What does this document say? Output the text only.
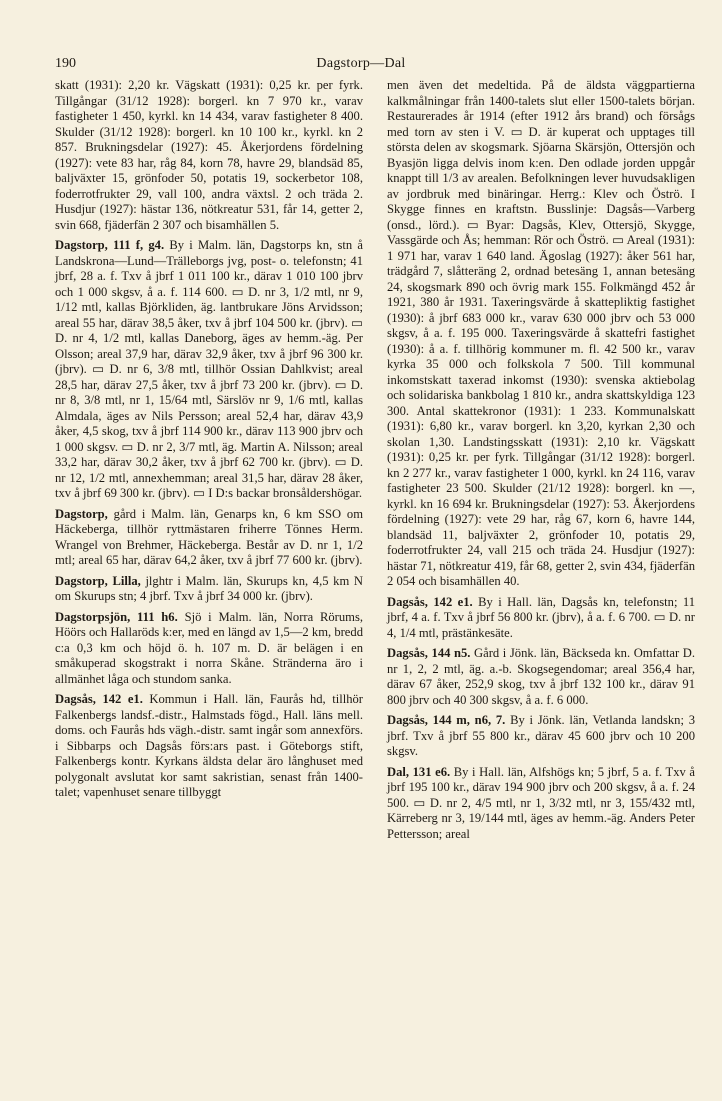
190	Dagstorp—Dal

skatt (1931): 2,20 kr. Vägskatt (1931): 0,25 kr. per fyrk. Tillgångar (31/12 1928): borgerl. kn 7 970 kr., varav fastigheter 1 450, kyrkl. kn 14 434, varav fastigheter 8 400. Skulder (31/12 1928): borgerl. kn 10 100 kr., kyrkl. kn 2 857. Brukningsdelar (1927): 45. Åkerjordens fördelning (1927): vete 83 har, råg 84, korn 78, havre 29, blandsäd 85, baljväxter 15, grönfoder 50, potatis 19, sockerbetor 108, foderrotfrukter 29, vall 100, andra växtsl. 2 och träda 2. Husdjur (1927): hästar 136, nötkreatur 531, får 14, getter 2, svin 668, fjäderfän 2 307 och bisamhällen 5.

Dagstorp, 111 f, g4. By i Malm. län, Dagstorps kn, stn å Landskrona—Lund—Trälleborgs jvg, post- o. telefonstn; 41 jbrf, 28 a. f. Txv å jbrf 1 011 100 kr., därav 1 010 100 jbrv och 1 000 skgsv, å a. f. 114 600. ▭ D. nr 3, 1/2 mtl, nr 9, 1/12 mtl, kallas Björkliden, äg. lantbrukare Jöns Arvidsson; areal 55 har, därav 38,5 åker, txv å jbrf 104 500 kr. (jbrv). ▭ D. nr 4, 1/2 mtl, kallas Daneborg, äges av hemm.-äg. Per Olsson; areal 37,9 har, därav 32,9 åker, txv å jbrf 96 300 kr. (jbrv). ▭ D. nr 6, 3/8 mtl, tillhör Ossian Dahlkvist; areal 28,5 har, därav 27,5 åker, txv å jbrf 73 200 kr. (jbrv). ▭ D. nr 8, 3/8 mtl, nr 1, 15/64 mtl, Särslöv nr 9, 1/6 mtl, kallas Almdala, äges av Nils Persson; areal 52,4 har, därav 43,9 åker, 4,5 skog, txv å jbrf 114 900 kr., därav 113 900 jbrv och 1 000 skgsv. ▭ D. nr 2, 3/7 mtl, äg. Martin A. Nilsson; areal 33,2 har, därav 30,2 åker, txv å jbrf 62 700 kr. (jbrv). ▭ D. nr 12, 1/2 mtl, annexhemman; areal 31,5 har, därav 28 åker, txv å jbrf 69 300 kr. (jbrv). ▭ I D:s backar bronsåldershögar.

Dagstorp, gård i Malm. län, Genarps kn, 6 km SSO om Häckeberga, tillhör ryttmästaren friherre Tönnes Herm. Wrangel von Brehmer, Häckeberga. Består av D. nr 1, 1/2 mtl; areal 65 har, därav 64,2 åker, txv å jbrf 77 600 kr. (jbrv).

Dagstorp, Lilla, jlghtr i Malm. län, Skurups kn, 4,5 km N om Skurups stn; 4 jbrf. Txv å jbrf 34 000 kr. (jbrv).

Dagstorpsjön, 111 h6. Sjö i Malm. län, Norra Rörums, Höörs och Hallaröds k:er, med en längd av 1,5—2 km, bredd c:a 0,3 km och höjd ö. h. 107 m. D. är belägen i en småkuperad skogstrakt i norra Skåne. Stränderna äro i allmänhet låga och stundom sanka.

Dagsås, 142 e1. Kommun i Hall. län, Faurås hd, tillhör Falkenbergs landsf.-distr., Halmstads fögd., Hall. läns mell. doms. och Faurås hds vägh.-distr. samt ingår som annexförs. i Sibbarps och Dagsås förs:ars past. i Göteborgs stift, Falkenbergs kontr. Kyrkans äldsta delar äro långhuset med polygonalt avslutat kor samt sakristian, senast från 1400-talet; vapenhuset senare tillbyggt

men även det medeltida. På de äldsta väggpartierna kalkmålningar från 1400-talets slut eller 1500-talets början. Restaurerades år 1914 (efter 1912 års brand) och försågs med torn av sten i V. ▭ D. är kuperat och upptages till största delen av skogsmark. Sjöarna Skärsjön, Ottersjön och Byasjön ligga delvis inom k:en. Den odlade jorden uppgår knappt till 1/3 av arealen. Befolkningen lever huvudsakligen av jordbruk med binäringar. Herrg.: Klev och Öströ. I Skygge finnes en kraftstn. Busslinje: Dagsås—Varberg (onsd., lörd.). ▭ Byar: Dagsås, Klev, Ottersjö, Skygge, Vassgärde och Ås; hemman: Rör och Öströ. ▭ Areal (1931): 1 971 har, varav 1 640 land. Ägoslag (1927): åker 561 har, trädgård 7, slåtteräng 2, ordnad betesäng 1, annan betesäng 24, skogsmark 890 och övrig mark 155. Folkmängd 452 år 1921, 380 år 1931. Taxeringsvärde å skattepliktig fastighet (1930): å jbrf 683 000 kr., varav 630 000 jbrv och 53 000 skgsv, å a. f. 195 000. Taxeringsvärde å skattefri fastighet (1930): å a. f. tillhörig kommuner m. fl. 42 500 kr., varav kyrka 35 000 och folkskola 7 500. Till kommunal inkomstskatt taxerad inkomst (1930): svenska aktiebolag och solidariska bankbolag 1 810 kr., andra skattskyldiga 123 300. Antal skattekronor (1931): 1 233. Kommunalskatt (1931): 6,80 kr., varav borgerl. kn 3,20, kyrkan 2,30 och skolan 1,30. Landstingsskatt (1931): 2,10 kr. Vägskatt (1931): 0,25 kr. per fyrk. Tillgångar (31/12 1928): borgerl. kn 2 277 kr., varav fastigheter 1 000, kyrkl. kn 24 116, varav fastigheter 23 500. Skulder (21/12 1928): borgerl. kn —, kyrkl. kn 16 694 kr. Brukningsdelar (1927): 53. Åkerjordens fördelning (1927): vete 29 har, råg 67, korn 6, havre 144, blandsäd 11, baljväxter 2, grönfoder 10, potatis 29, foderrotfrukter 24, vall 215 och träda 24. Husdjur (1927): hästar 71, nötkreatur 419, får 68, getter 2, svin 434, fjäderfän 2 054 och bisamhällen 40.

Dagsås, 142 e1. By i Hall. län, Dagsås kn, telefonstn; 11 jbrf, 4 a. f. Txv å jbrf 56 800 kr. (jbrv), å a. f. 6 700. ▭ D. nr 4, 1/4 mtl, prästänkesäte.

Dagsås, 144 n5. Gård i Jönk. län, Bäckseda kn. Omfattar D. nr 1, 2, 2 mtl, äg. a.-b. Skogsegendomar; areal 356,4 har, därav 67 åker, 252,9 skog, txv å jbrf 132 100 kr., därav 91 800 jbrv och 40 300 skgsv, å a. f. 6 000.

Dagsås, 144 m, n6, 7. By i Jönk. län, Vetlanda landskn; 3 jbrf. Txv å jbrf 55 800 kr., därav 45 600 jbrv och 10 200 skgsv.

Dal, 131 e6. By i Hall. län, Alfshögs kn; 5 jbrf, 5 a. f. Txv å jbrf 195 100 kr., därav 194 900 jbrv och 200 skgsv, å a. f. 24 500. ▭ D. nr 2, 4/5 mtl, nr 1, 3/32 mtl, nr 3, 155/432 mtl, Kärreberg nr 3, 19/144 mtl, äges av hemm.-äg. Anders Peter Pettersson; areal
